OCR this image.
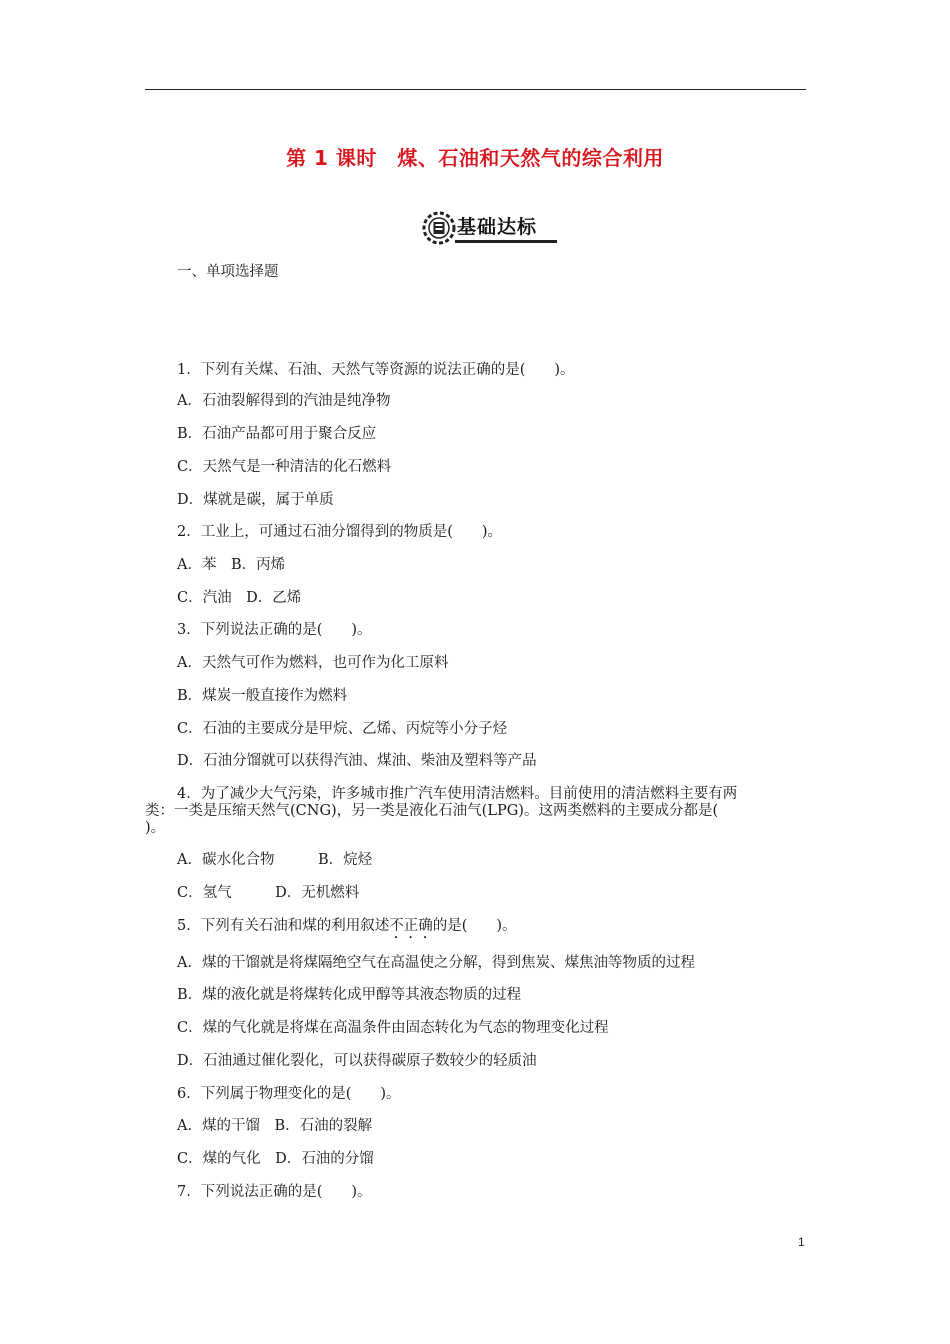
第 1 课时　煤、石油和天然气的综合利用
基础达标
一、单项选择题
1．下列有关煤、石油、天然气等资源的说法正确的是(　　)。
A．石油裂解得到的汽油是纯净物
B．石油产品都可用于聚合反应
C．天然气是一种清洁的化石燃料
D．煤就是碳，属于单质
2．工业上，可通过石油分馏得到的物质是(　　)。
A．苯　B．丙烯
C．汽油　D．乙烯
3．下列说法正确的是(　　)。
A．天然气可作为燃料，也可作为化工原料
B．煤炭一般直接作为燃料
C．石油的主要成分是甲烷、乙烯、丙烷等小分子烃
D．石油分馏就可以获得汽油、煤油、柴油及塑料等产品
4．为了减少大气污染，许多城市推广汽车使用清洁燃料。目前使用的清洁燃料主要有两
类：一类是压缩天然气(CNG)，另一类是液化石油气(LPG)。这两类燃料的主要成分都是(
)。
A．碳水化合物　　　B．烷烃
C．氢气　　　D．无机燃料
5．下列有关石油和煤的利用叙述不正确的是(　　)。
A．煤的干馏就是将煤隔绝空气在高温使之分解，得到焦炭、煤焦油等物质的过程
B．煤的液化就是将煤转化成甲醇等其液态物质的过程
C．煤的气化就是将煤在高温条件由固态转化为气态的物理变化过程
D．石油通过催化裂化，可以获得碳原子数较少的轻质油
6．下列属于物理变化的是(　　)。
A．煤的干馏　B．石油的裂解
C．煤的气化　D．石油的分馏
7．下列说法正确的是(　　)。
1
